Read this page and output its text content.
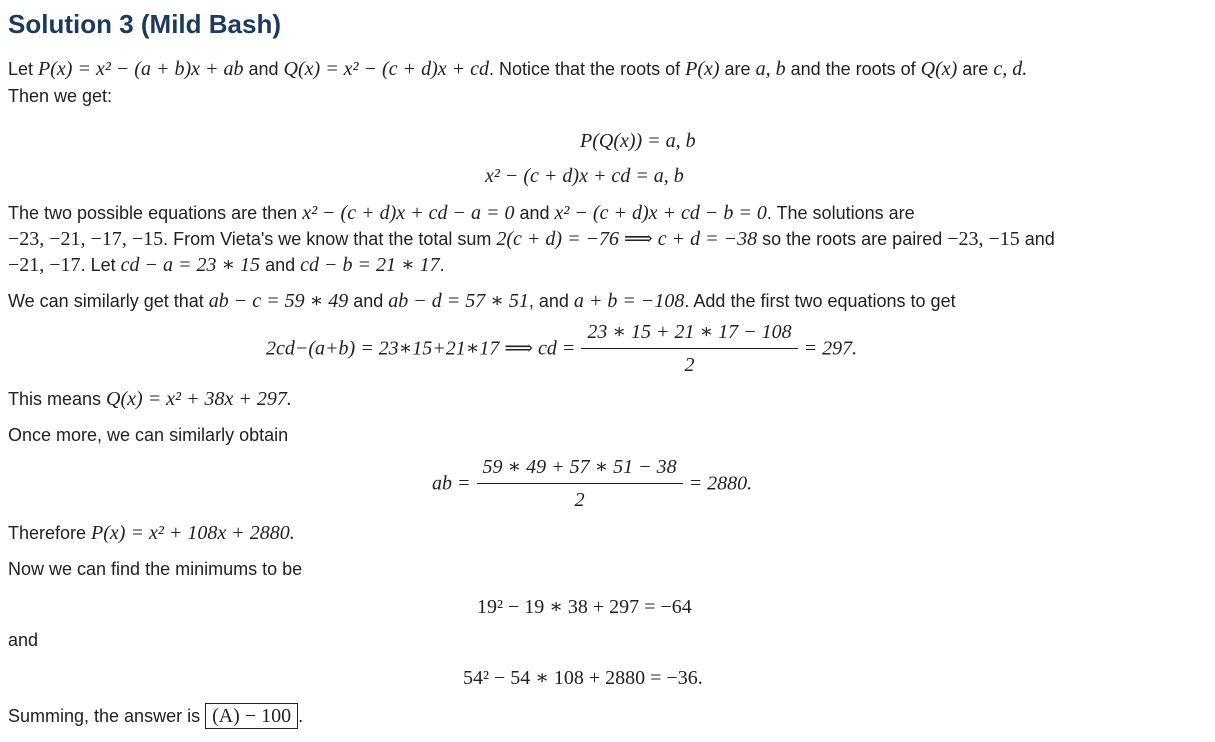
Solution 3 (Mild Bash)
Let P(x) = x² − (a + b)x + ab and Q(x) = x² − (c + d)x + cd. Notice that the roots of P(x) are a, b and the roots of Q(x) are c, d.
Then we get:
P(Q(x)) = a, b
x² − (c + d)x + cd = a, b
The two possible equations are then x² − (c + d)x + cd − a = 0 and x² − (c + d)x + cd − b = 0. The solutions are
−23, −21, −17, −15. From Vieta's we know that the total sum 2(c + d) = −76 ⟹ c + d = −38 so the roots are paired −23, −15 and
−21, −17. Let cd − a = 23 ∗ 15 and cd − b = 21 ∗ 17.
We can similarly get that ab − c = 59 ∗ 49 and ab − d = 57 ∗ 51, and a + b = −108. Add the first two equations to get
2cd−(a+b) = 23∗15+21∗17 ⟹ cd = $\frac{23 ∗ 15 + 21 ∗ 17 - 108}{2} = 297$.
This means Q(x) = x² + 38x + 297.
Once more, we can similarly obtain
ab = $\frac{59 ∗ 49 + 57 ∗ 51 - 38}{2} = 2880$.
Therefore P(x) = x² + 108x + 2880.
Now we can find the minimums to be
19² − 19 ∗ 38 + 297 = −64
and
54² − 54 ∗ 108 + 2880 = −36.
Summing, the answer is (A) − 100 .
